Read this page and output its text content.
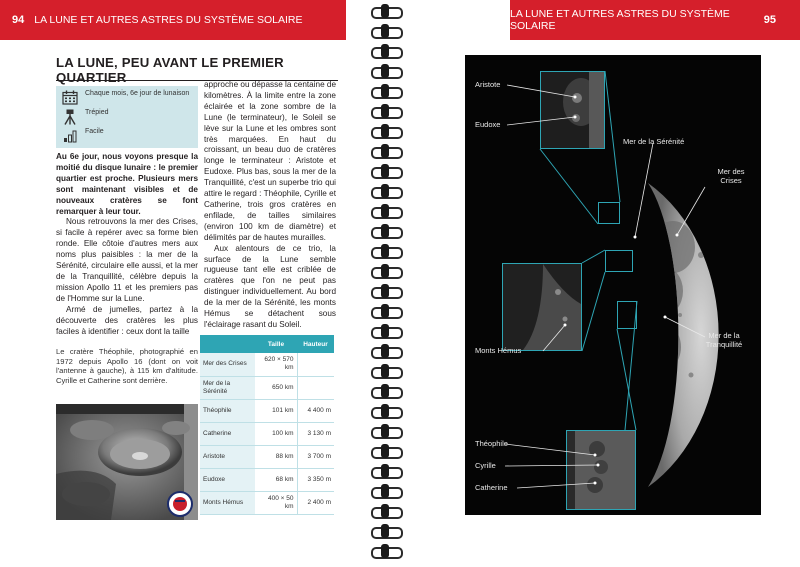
94 LA LUNE ET AUTRES ASTRES DU SYSTÈME SOLAIRE	LA LUNE ET AUTRES ASTRES DU SYSTÈME SOLAIRE	95
LA LUNE, PEU AVANT LE PREMIER QUARTIER
Chaque mois, 6e jour de lunaison
Trépied
Facile

Au 6e jour, nous voyons presque la moitié du disque lunaire : le premier quartier est proche. Plusieurs mers sont maintenant visibles et de nouveaux cratères se font remarquer à leur tour.

Nous retrouvons la mer des Crises, si facile à repérer avec sa forme bien ronde. Elle côtoie d'autres mers aux noms plus paisibles : la mer de la Sérénité, circulaire elle aussi, et la mer de la Tranquillité, célèbre depuis la mission Apollo 11 et les premiers pas de l'Homme sur la Lune.

Armé de jumelles, partez à la découverte des cratères les plus faciles à identifier : ceux dont la taille

approche ou dépasse la centaine de kilomètres. À la limite entre la zone éclairée et la zone sombre de la Lune (le terminateur), le Soleil se lève sur la Lune et les ombres sont très marquées. En haut du croissant, un beau duo de cratères longe le terminateur : Aristote et Eudoxe. Plus bas, sous la mer de la Tranquillité, c'est un superbe trio qui attire le regard : Théophile, Cyrille et Catherine, trois gros cratères en enfilade, de tailles similaires (environ 100 km de diamètre) et délimités par de hautes murailles.

Aux alentours de ce trio, la surface de la Lune semble rugueuse tant elle est criblée de cratères que l'on ne peut pas distinguer individuellement. Au bord de la mer de la Sérénité, les monts Hémus se détachent sous l'éclairage rasant du Soleil.

Le cratère Théophile, photographié en 1972 depuis Apollo 16 (dont on voit l'antenne à gauche), à 115 km d'altitude. Cyrille et Catherine sont derrière.
	Taille	Hauteur
Mer des Crises	620 × 570 km	
Mer de la Sérénité	650 km	
Théophile	101 km	4 400 m
Catherine	100 km	3 130 m
Aristote	88 km	3 700 m
Eudoxe	68 km	3 350 m
Monts Hémus	400 × 50 km	2 400 m
Aristote
Eudoxe
Mer de la Sérénité
Mer des Crises
Monts Hémus
Mer de la Tranquillité
Théophile
Cyrille
Catherine
